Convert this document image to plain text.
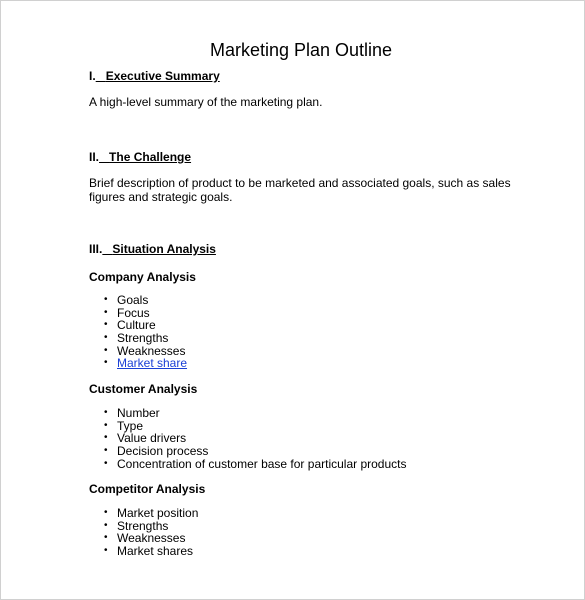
Marketing Plan Outline
I. Executive Summary
A high-level summary of the marketing plan.
II. The Challenge
Brief description of product to be marketed and associated goals, such as sales figures and strategic goals.
III. Situation Analysis
Company Analysis
• Goals
• Focus
• Culture
• Strengths
• Weaknesses
• Market share
Customer Analysis
• Number
• Type
• Value drivers
• Decision process
• Concentration of customer base for particular products
Competitor Analysis
• Market position
• Strengths
• Weaknesses
• Market shares
